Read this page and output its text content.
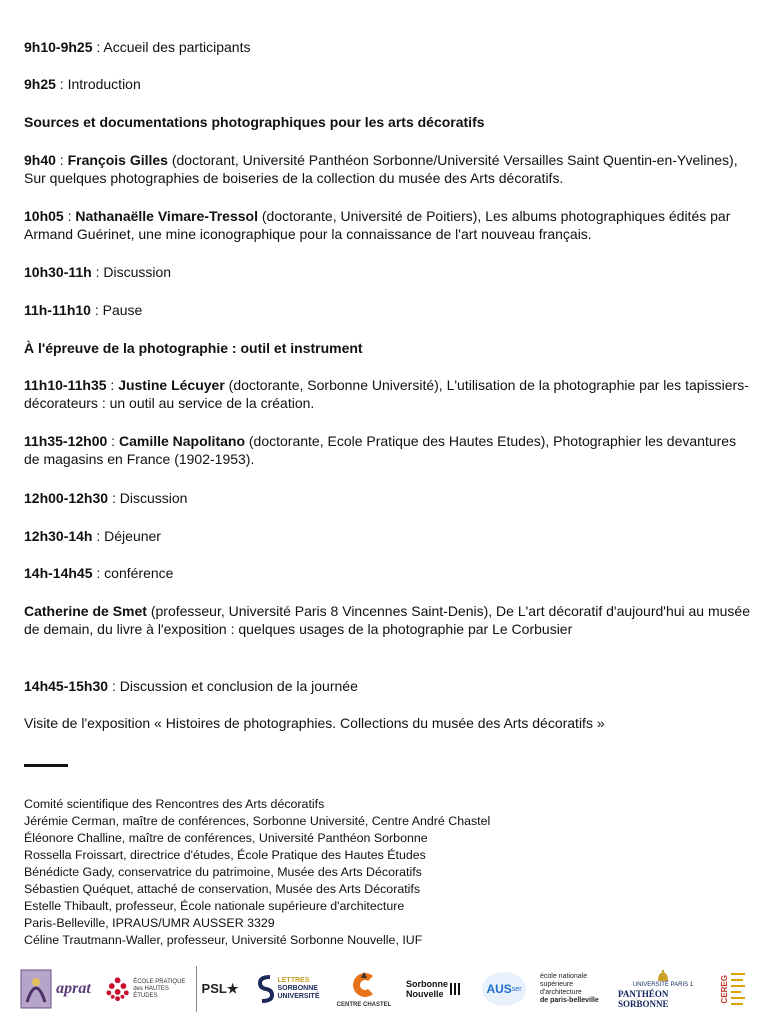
9h10-9h25 : Accueil des participants

9h25 : Introduction

Sources et documentations photographiques pour les arts décoratifs

9h40 : François Gilles (doctorant, Université Panthéon Sorbonne/Université Versailles Saint Quentin-en-Yvelines), Sur quelques photographies de boiseries de la collection du musée des Arts décoratifs.

10h05 : Nathanaëlle Vimare-Tressol (doctorante, Université de Poitiers), Les albums photographiques édités par Armand Guérinet, une mine iconographique pour la connaissance de l'art nouveau français.

10h30-11h : Discussion

11h-11h10 : Pause

À l'épreuve de la photographie : outil et instrument

11h10-11h35 : Justine Lécuyer (doctorante, Sorbonne Université), L'utilisation de la photographie par les tapissiers-décorateurs : un outil au service de la création.

11h35-12h00 : Camille Napolitano (doctorante, Ecole Pratique des Hautes Etudes), Photographier les devantures de magasins en France (1902-1953).

12h00-12h30 : Discussion

12h30-14h : Déjeuner

14h-14h45 : conférence

Catherine de Smet (professeur, Université Paris 8 Vincennes Saint-Denis), De L'art décoratif d'aujourd'hui au musée de demain, du livre à l'exposition : quelques usages de la photographie par Le Corbusier

14h45-15h30 : Discussion et conclusion de la journée

Visite de l'exposition « Histoires de photographies. Collections du musée des Arts décoratifs »

Comité scientifique des Rencontres des Arts décoratifs
Jérémie Cerman, maître de conférences, Sorbonne Université, Centre André Chastel
Éléonore Challine, maître de conférences, Université Panthéon Sorbonne
Rossella Froissart, directrice d'études, École Pratique des Hautes Études
Bénédicte Gady, conservatrice du patrimoine, Musée des Arts Décoratifs
Sébastien Quéquet, attaché de conservation, Musée des Arts Décoratifs
Estelle Thibault, professeur, École nationale supérieure d'architecture
Paris-Belleville, IPRAUS/UMR AUSSER 3329
Céline Trautmann-Waller, professeur, Université Sorbonne Nouvelle, IUF
aprat	ÉCOLE PRATIQUE
des HAUTES ÉTUDES	PSL★
LETTRES
SORBONNE
UNIVERSITÉ
CENTRE CHASTEL
Sorbonne
Nouvelle	AUS ser
école nationale
supérieure
d'architecture
de paris-belleville
UNIVERSITÉ PARIS 1
PANTHÉON SORBONNE
CEREG
